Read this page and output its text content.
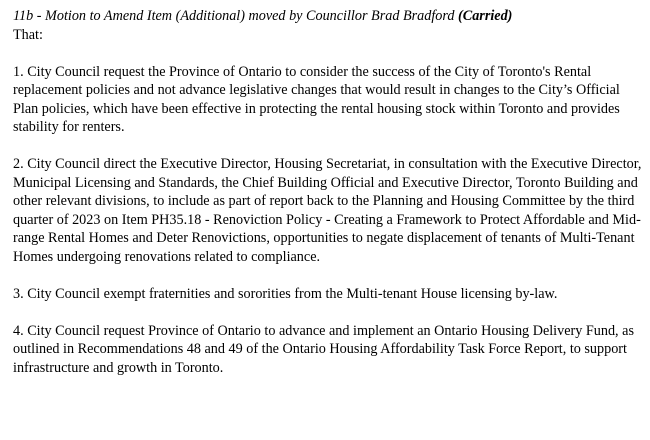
11b - Motion to Amend Item (Additional) moved by Councillor Brad Bradford (Carried)

That:

1. City Council request the Province of Ontario to consider the success of the City of Toronto's Rental replacement policies and not advance legislative changes that would result in changes to the City’s Official Plan policies, which have been effective in protecting the rental housing stock within Toronto and provides stability for renters.

2. City Council direct the Executive Director, Housing Secretariat, in consultation with the Executive Director, Municipal Licensing and Standards, the Chief Building Official and Executive Director, Toronto Building and other relevant divisions, to include as part of report back to the Planning and Housing Committee by the third quarter of 2023 on Item PH35.18 - Renoviction Policy - Creating a Framework to Protect Affordable and Mid-range Rental Homes and Deter Renovictions, opportunities to negate displacement of tenants of Multi-Tenant Homes undergoing renovations related to compliance.

3. City Council exempt fraternities and sororities from the Multi-tenant House licensing by-law.

4. City Council request Province of Ontario to advance and implement an Ontario Housing Delivery Fund, as outlined in Recommendations 48 and 49 of the Ontario Housing Affordability Task Force Report, to support infrastructure and growth in Toronto.
